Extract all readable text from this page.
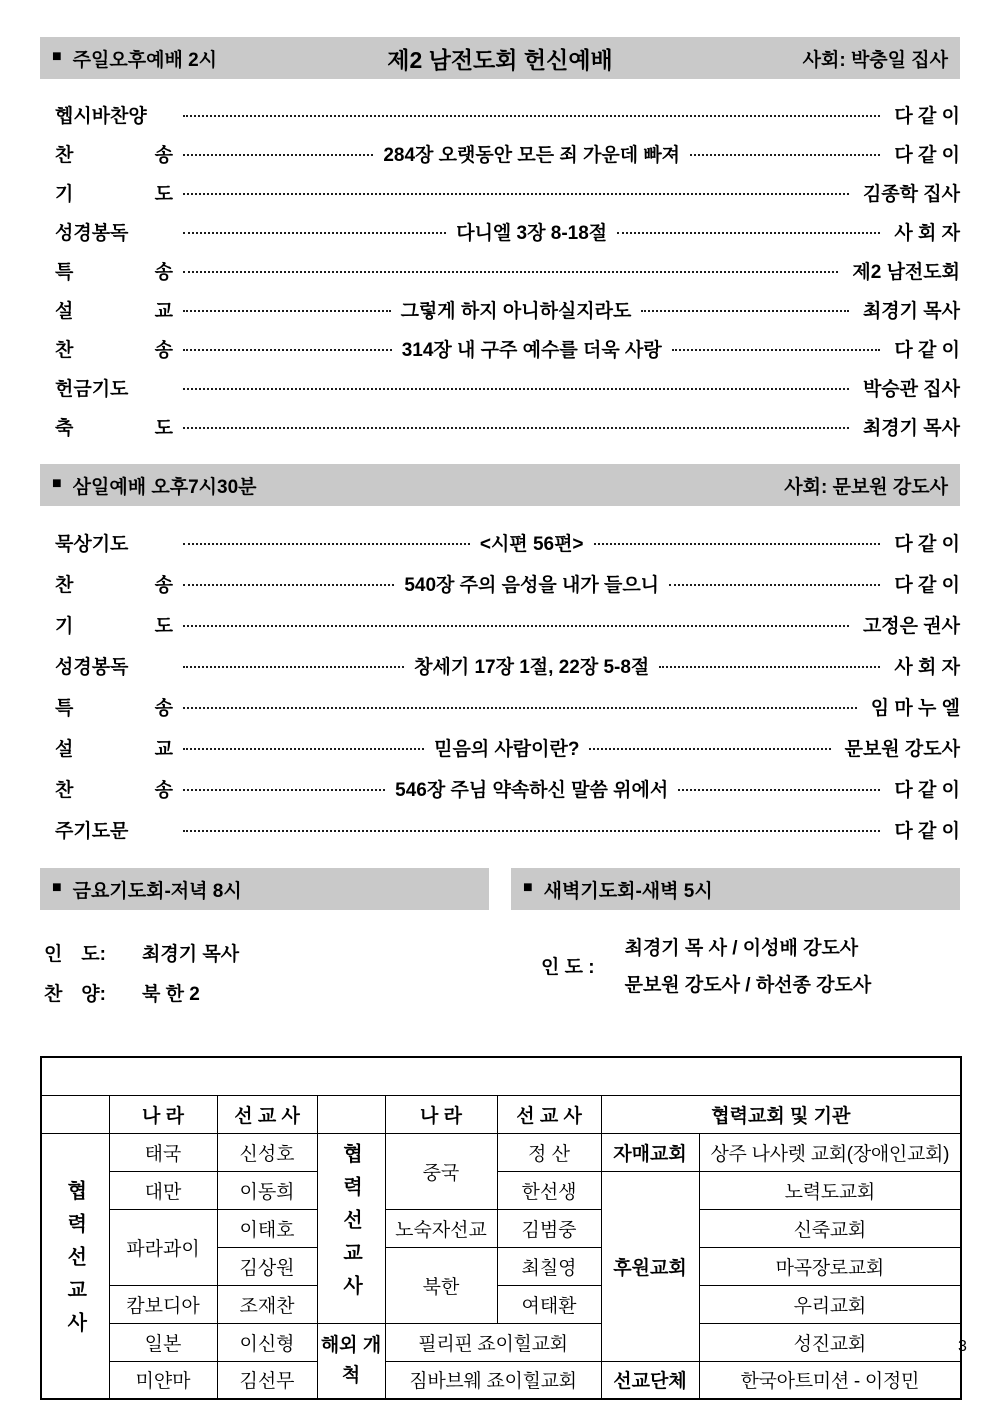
■ 주일오후예배 2시	제2 남전도회 헌신예배	사회: 박충일 집사
헵시바찬양	다 같 이
찬 송	284장 오랫동안 모든 죄 가운데 빠져	다 같 이
기 도	김종학 집사
성경봉독	다니엘 3장 8-18절	사 회 자
특 송	제2 남전도회
설 교	그렇게 하지 아니하실지라도	최경기 목사
찬 송	314장 내 구주 예수를 더욱 사랑	다 같 이
헌금기도	박승관 집사
축 도	최경기 목사
■ 삼일예배 오후7시30분	사회: 문보원 강도사
묵상기도	<시편 56편>	다 같 이
찬 송	540장 주의 음성을 내가 들으니	다 같 이
기 도	고정은 권사
성경봉독	창세기 17장 1절, 22장 5-8절	사 회 자
특 송	임 마 누 엘
설 교	믿음의 사람이란?	문보원 강도사
찬 송	546장 주님 약속하신 말씀 위에서	다 같 이
주기도문	다 같 이
■ 금요기도회-저녁 8시
인 도: 최경기 목사
찬 양: 북 한 2
■ 새벽기도회-새벽 5시
인 도 :
최경기 목 사 / 이성배 강도사
문보원 강도사 / 하선종 강도사
파송/협력 선교사 - 협력교회/기관							
	나 라	선 교 사		나 라	선 교 사	협력교회 및 기관	
협력선교사	태국	신성호	협력선교사	중국	정 산	자매교회	상주 나사렛 교회(장애인교회)
	대만	이동희			한선생	후원교회	노력도교회
	파라과이	이태호		노숙자선교	김범중		신죽교회
		김상원		북한	최칠영		마곡장로교회
	캄보디아	조재찬			여태환		우리교회
	일본	이신형	해외 개척	필리핀 죠이힐교회			성진교회
	미얀마	김선무		짐바브웨 죠이힐교회		선교단체	한국아트미션 - 이정민
3
